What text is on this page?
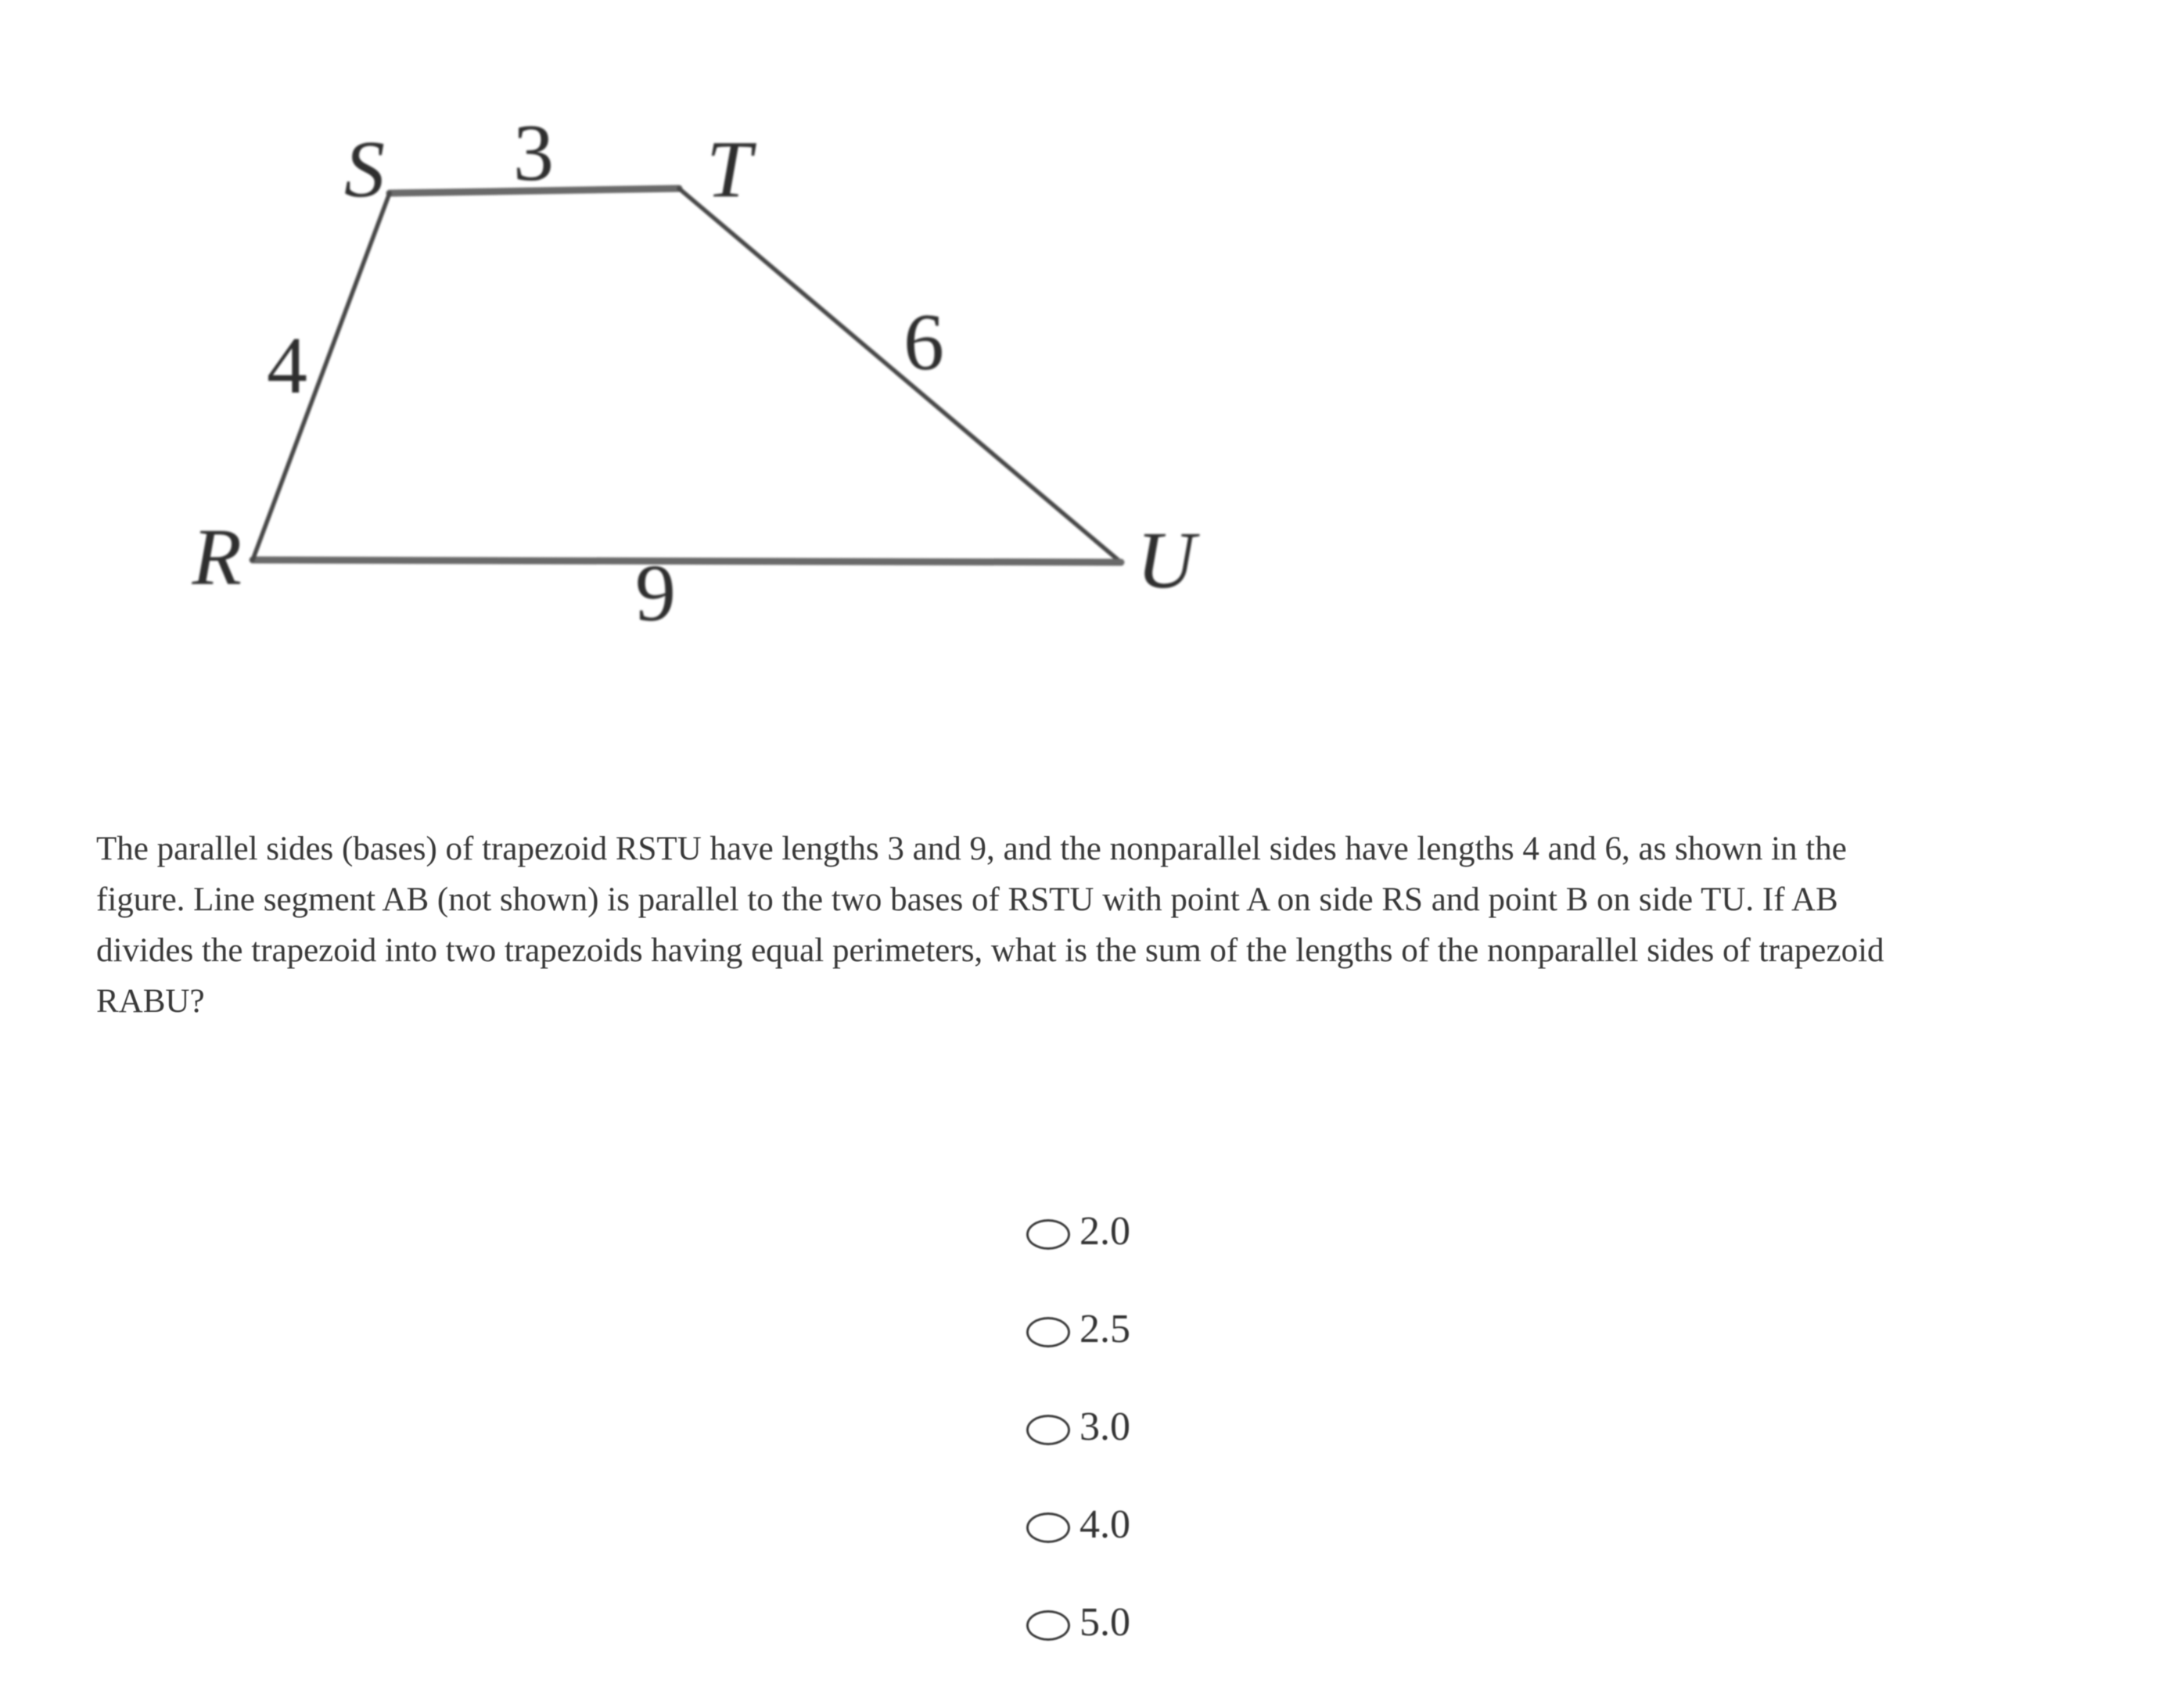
S	T
R	U
3
4	6
9
The parallel sides (bases) of trapezoid RSTU have lengths 3 and 9, and the nonparallel sides have lengths 4 and 6, as shown in the
figure. Line segment AB (not shown) is parallel to the two bases of RSTU with point A on side RS and point B on side TU. If AB
divides the trapezoid into two trapezoids having equal perimeters, what is the sum of the lengths of the nonparallel sides of trapezoid
RABU?
2.0
2.5
3.0
4.0
5.0
